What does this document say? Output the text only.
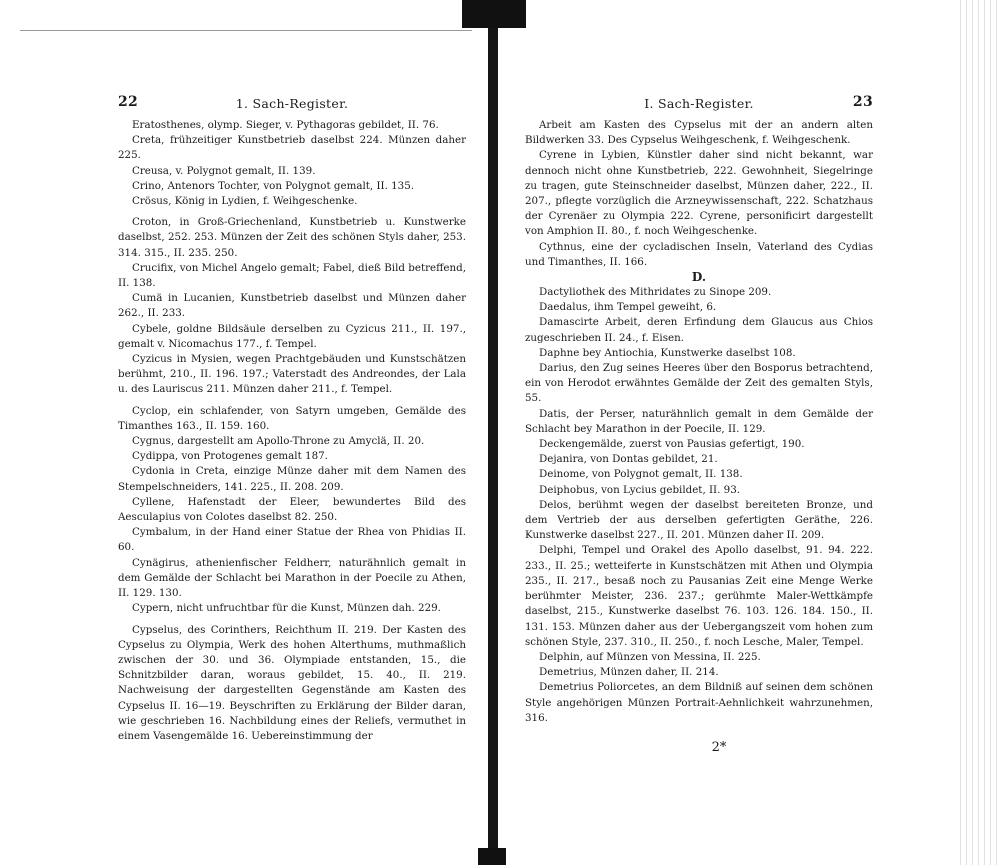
22	1. Sach-Register.

Eratosthenes, olymp. Sieger, v. Pythagoras gebildet, II. 76.

Creta, frühzeitiger Kunstbetrieb daselbst 224. Münzen daher 225.

Creusa, v. Polygnot gemalt, II. 139.

Crino, Antenors Tochter, von Polygnot gemalt, II. 135.

Crösus, König in Lydien, f. Weihgeschenke.

Croton, in Groß-Griechenland, Kunstbetrieb u. Kunstwerke daselbst, 252. 253. Münzen der Zeit des schönen Styls daher, 253. 314. 315., II. 235. 250.

Crucifix, von Michel Angelo gemalt; Fabel, dieß Bild betreffend, II. 138.

Cumä in Lucanien, Kunstbetrieb daselbst und Münzen daher 262., II. 233.

Cybele, goldne Bildsäule derselben zu Cyzicus 211., II. 197., gemalt v. Nicomachus 177., f. Tempel.

Cyzicus in Mysien, wegen Prachtgebäuden und Kunstschätzen berühmt, 210., II. 196. 197.; Vaterstadt des Andreondes, der Lala u. des Lauriscus 211. Münzen daher 211., f. Tempel.

Cyclop, ein schlafender, von Satyrn umgeben, Gemälde des Timanthes 163., II. 159. 160.

Cygnus, dargestellt am Apollo-Throne zu Amyclä, II. 20.

Cydippa, von Protogenes gemalt 187.

Cydonia in Creta, einzige Münze daher mit dem Namen des Stempelschneiders, 141. 225., II. 208. 209.

Cyllene, Hafenstadt der Eleer, bewundertes Bild des Aesculapius von Colotes daselbst 82. 250.

Cymbalum, in der Hand einer Statue der Rhea von Phidias II. 60.

Cynägirus, athenienfischer Feldherr, naturähnlich gemalt in dem Gemälde der Schlacht bei Marathon in der Poecile zu Athen, II. 129. 130.

Cypern, nicht unfruchtbar für die Kunst, Münzen dah. 229.

Cypselus, des Corinthers, Reichthum II. 219. Der Kasten des Cypselus zu Olympia, Werk des hohen Alterthums, muthmaßlich zwischen der 30. und 36. Olympiade entstanden, 15., die Schnitzbilder daran, woraus gebildet, 15. 40., II. 219. Nachweisung der dargestellten Gegenstände am Kasten des Cypselus II. 16—19. Beyschriften zu Erklärung der Bilder daran, wie geschrieben 16. Nachbildung eines der Reliefs, vermuthet in einem Vasengemälde 16. Uebereinstimmung der

I. Sach-Register.	23

Arbeit am Kasten des Cypselus mit der an andern alten Bildwerken 33. Des Cypselus Weihgeschenk, f. Weihgeschenk.

Cyrene in Lybien, Künstler daher sind nicht bekannt, war dennoch nicht ohne Kunstbetrieb, 222. Gewohnheit, Siegelringe zu tragen, gute Steinschneider daselbst, Münzen daher, 222., II. 207., pflegte vorzüglich die Arzneywissenschaft, 222. Schatzhaus der Cyrenäer zu Olympia 222. Cyrene, personificirt dargestellt von Amphion II. 80., f. noch Weihgeschenke.

Cythnus, eine der cycladischen Inseln, Vaterland des Cydias und Timanthes, II. 166.

D.

Dactyliothek des Mithridates zu Sinope 209.

Daedalus, ihm Tempel geweiht, 6.

Damascirte Arbeit, deren Erfindung dem Glaucus aus Chios zugeschrieben II. 24., f. Eisen.

Daphne bey Antiochia, Kunstwerke daselbst 108.

Darius, den Zug seines Heeres über den Bosporus betrachtend, ein von Herodot erwähntes Gemälde der Zeit des gemalten Styls, 55.

Datis, der Perser, naturähnlich gemalt in dem Gemälde der Schlacht bey Marathon in der Poecile, II. 129.

Deckengemälde, zuerst von Pausias gefertigt, 190.

Dejanira, von Dontas gebildet, 21.

Deinome, von Polygnot gemalt, II. 138.

Deiphobus, von Lycius gebildet, II. 93.

Delos, berühmt wegen der daselbst bereiteten Bronze, und dem Vertrieb der aus derselben gefertigten Geräthe, 226. Kunstwerke daselbst 227., II. 201. Münzen daher II. 209.

Delphi, Tempel und Orakel des Apollo daselbst, 91. 94. 222. 233., II. 25.; wetteiferte in Kunstschätzen mit Athen und Olympia 235., II. 217., besaß noch zu Pausanias Zeit eine Menge Werke berühmter Meister, 236. 237.; gerühmte Maler-Wettkämpfe daselbst, 215., Kunstwerke daselbst 76. 103. 126. 184. 150., II. 131. 153. Münzen daher aus der Uebergangszeit vom hohen zum schönen Style, 237. 310., II. 250., f. noch Lesche, Maler, Tempel.

Delphin, auf Münzen von Messina, II. 225.

Demetrius, Münzen daher, II. 214.

Demetrius Poliorcetes, an dem Bildniß auf seinen dem schönen Style angehörigen Münzen Portrait-Aehnlichkeit wahrzunehmen, 316.

2*
